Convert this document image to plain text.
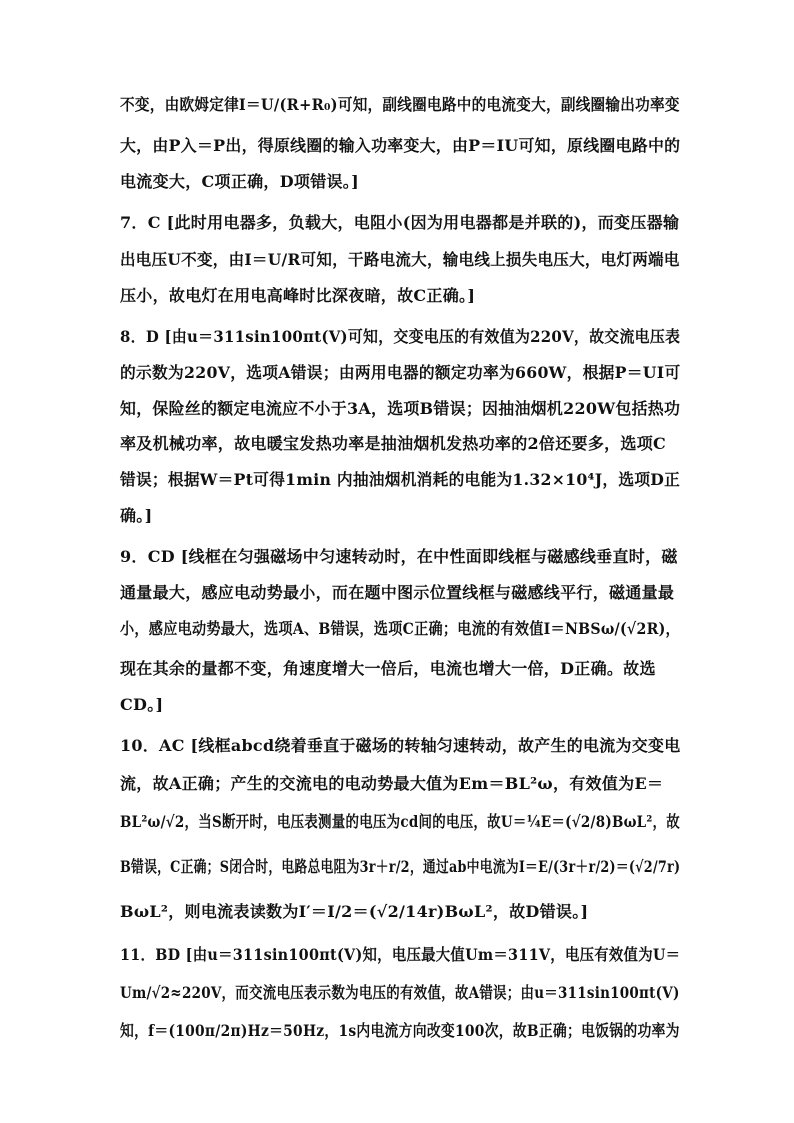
不变，由欧姆定律I＝U/(R+R₀)可知，副线圈电路中的电流变大，副线圈输出功率变
大，由P入＝P出，得原线圈的输入功率变大，由P＝IU可知，原线圈电路中的
电流变大，C项正确，D项错误。]
7．C [此时用电器多，负载大，电阻小(因为用电器都是并联的)，而变压器输
出电压U不变，由I＝U/R可知，干路电流大，输电线上损失电压大，电灯两端电
压小，故电灯在用电高峰时比深夜暗，故C正确。]
8．D [由u＝311sin100πt(V)可知，交变电压的有效值为220V，故交流电压表
的示数为220V，选项A错误；由两用电器的额定功率为660W，根据P＝UI可
知，保险丝的额定电流应不小于3A，选项B错误；因抽油烟机220W包括热功
率及机械功率，故电暖宝发热功率是抽油烟机发热功率的2倍还要多，选项C
错误；根据W＝Pt可得1min 内抽油烟机消耗的电能为1.32×10⁴J，选项D正
确。]
9．CD [线框在匀强磁场中匀速转动时，在中性面即线框与磁感线垂直时，磁
通量最大，感应电动势最小，而在题中图示位置线框与磁感线平行，磁通量最
小，感应电动势最大，选项A、B错误，选项C正确；电流的有效值I＝NBSω/(√2R)，
现在其余的量都不变，角速度增大一倍后，电流也增大一倍，D正确。故选
CD。]
10．AC [线框abcd绕着垂直于磁场的转轴匀速转动，故产生的电流为交变电
流，故A正确；产生的交流电的电动势最大值为Em＝BL²ω，有效值为E＝
BL²ω/√2，当S断开时，电压表测量的电压为cd间的电压，故U＝¼E＝(√2/8)BωL²，故
B错误，C正确；S闭合时，电路总电阻为3r＋r/2，通过ab中电流为I＝E/(3r＋r/2)＝(√2/7r)
BωL²，则电流表读数为I′＝I/2＝(√2/14r)BωL²，故D错误。]
11．BD [由u＝311sin100πt(V)知，电压最大值Um＝311V，电压有效值为U＝
Um/√2≈220V，而交流电压表示数为电压的有效值，故A错误；由u＝311sin100πt(V)
知，f＝(100π/2π)Hz＝50Hz，1s内电流方向改变100次，故B正确；电饭锅的功率为
